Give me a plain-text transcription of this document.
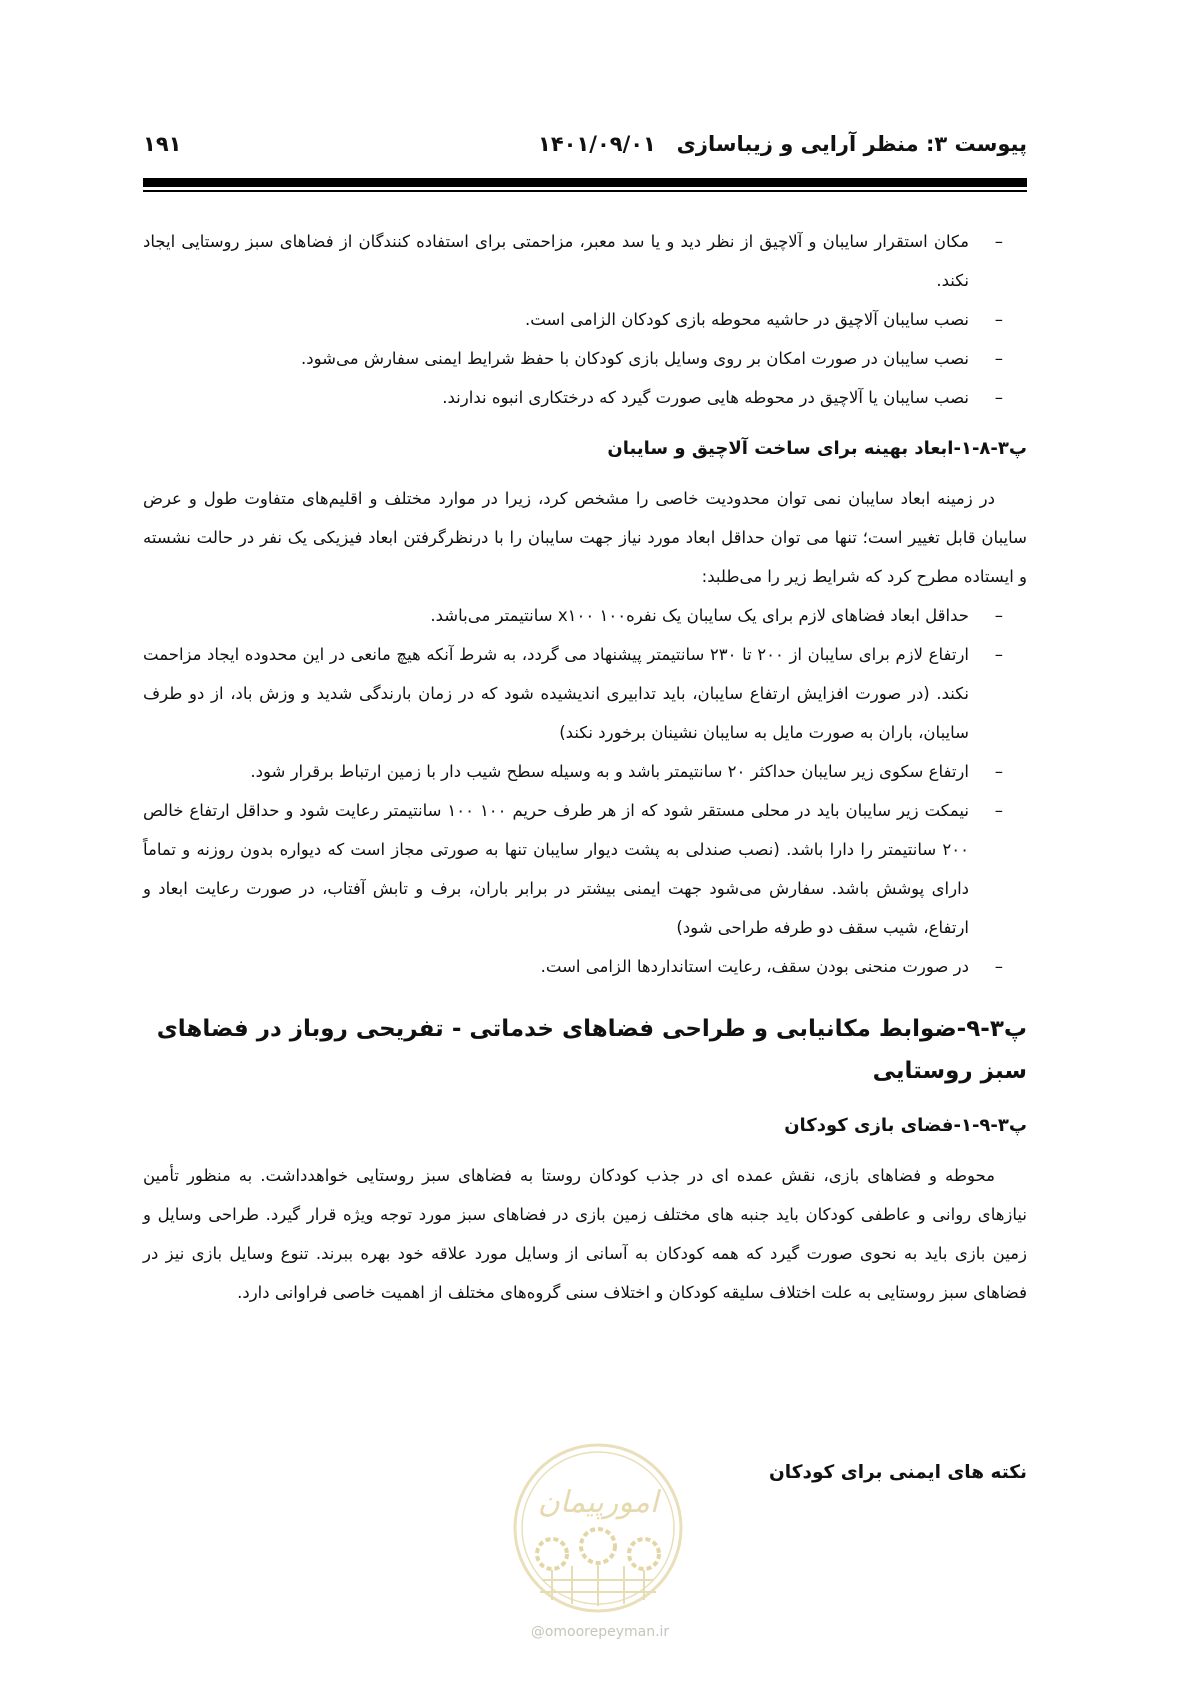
پیوست ۳: منظر آرایی و زیباسازی
۱۴۰۱/۰۹/۰۱
۱۹۱
– مکان استقرار سایبان و آلاچیق از نظر دید و یا سد معبر، مزاحمتی برای استفاده کنندگان از فضاهای سبز روستایی ایجاد نکند.
– نصب سایبان آلاچیق در حاشیه محوطه بازی کودکان الزامی است.
– نصب سایبان در صورت امکان بر روی وسایل بازی کودکان با حفظ شرایط ایمنی سفارش می‌شود.
– نصب سایبان یا آلاچیق در محوطه هایی صورت گیرد که درختکاری انبوه ندارند.
پ۳-۸-۱-ابعاد بهینه برای ساخت آلاچیق و سایبان

در زمینه ابعاد سایبان نمی توان محدودیت خاصی را مشخص کرد، زیرا در موارد مختلف و اقلیم‌های متفاوت طول و عرض سایبان قابل تغییر است؛ تنها می توان حداقل ابعاد مورد نیاز جهت سایبان را با درنظرگرفتن ابعاد فیزیکی یک نفر در حالت نشسته و ایستاده مطرح کرد که شرایط زیر را می‌طلبد:

– حداقل ابعاد فضاهای لازم برای یک سایبان یک نفره۱۰۰ x۱۰۰ سانتیمتر می‌باشد.
– ارتفاع لازم برای سایبان از ۲۰۰ تا ۲۳۰ سانتیمتر پیشنهاد می گردد، به شرط آنکه هیچ مانعی در این محدوده ایجاد مزاحمت نکند. (در صورت افزایش ارتفاع سایبان، باید تدابیری اندیشیده شود که در زمان بارندگی شدید و وزش باد، از دو طرف سایبان، باران به صورت مایل به سایبان نشینان برخورد نکند)
– ارتفاع سکوی زیر سایبان حداکثر ۲۰ سانتیمتر باشد و به وسیله سطح شیب دار با زمین ارتباط برقرار شود.
– نیمکت زیر سایبان باید در محلی مستقر شود که از هر طرف حریم ۱۰۰ ۱۰۰ سانتیمتر رعایت شود و حداقل ارتفاع خالص ۲۰۰ سانتیمتر را دارا باشد. (نصب صندلی به پشت دیوار سایبان تنها به صورتی مجاز است که دیواره بدون روزنه و تماماً دارای پوشش باشد. سفارش می‌شود جهت ایمنی بیشتر در برابر باران، برف و تابش آفتاب، در صورت رعایت ابعاد و ارتفاع، شیب سقف دو طرفه طراحی شود)
– در صورت منحنی بودن سقف، رعایت استانداردها الزامی است.
پ۳-۹-ضوابط مکانیابی و طراحی فضاهای خدماتی - تفریحی روباز در فضاهای سبز روستایی
پ۳-۹-۱-فضای بازی کودکان

محوطه و فضاهای بازی، نقش عمده ای در جذب کودکان روستا به فضاهای سبز روستایی خواهدداشت. به منظور تأمین نیازهای روانی و عاطفی کودکان باید جنبه های مختلف زمین بازی در فضاهای سبز مورد توجه ویژه قرار گیرد. طراحی وسایل و زمین بازی باید به نحوی صورت گیرد که همه کودکان به آسانی از وسایل مورد علاقه خود بهره ببرند. تنوع وسایل بازی نیز در فضاهای سبز روستایی به علت اختلاف سلیقه کودکان و اختلاف سنی گروه‌های مختلف از اهمیت خاصی فراوانی دارد.

نکته های ایمنی برای کودکان
امورپیمان
@omoorepeyman.ir
